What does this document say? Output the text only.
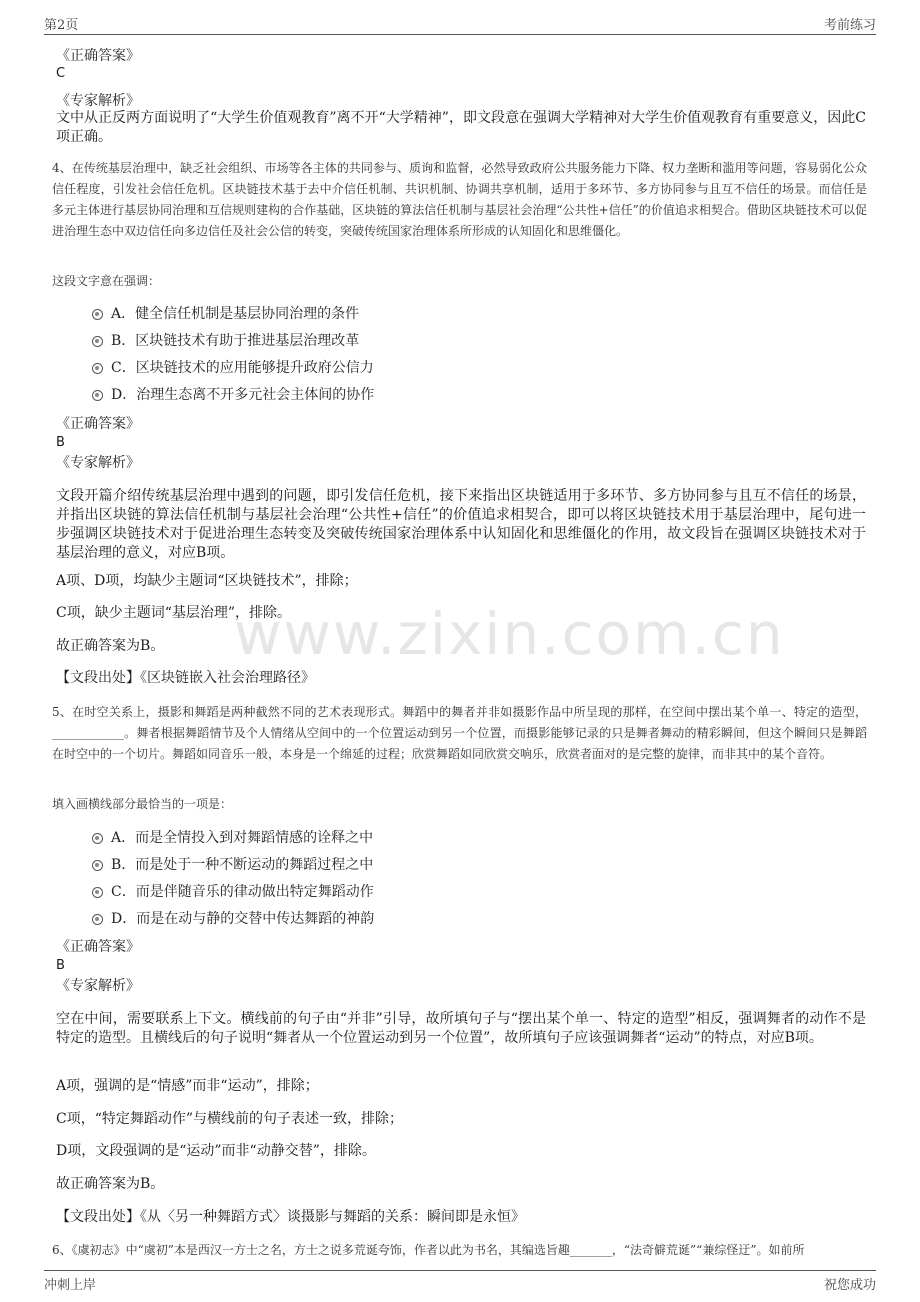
第2页	考前练习
www.zixin.com.cn
《正确答案》
C
《专家解析》
文中从正反两方面说明了“大学生价值观教育”离不开“大学精神”，即文段意在强调大学精神对大学生价值观教育有重要意义，因此C项正确。
4、在传统基层治理中，缺乏社会组织、市场等各主体的共同参与、质询和监督，必然导致政府公共服务能力下降、权力垄断和滥用等问题，容易弱化公众信任程度，引发社会信任危机。区块链技术基于去中介信任机制、共识机制、协调共享机制，适用于多环节、多方协同参与且互不信任的场景。而信任是多元主体进行基层协同治理和互信规则建构的合作基础，区块链的算法信任机制与基层社会治理“公共性+信任”的价值追求相契合。借助区块链技术可以促进治理生态中双边信任向多边信任及社会公信的转变，突破传统国家治理体系所形成的认知固化和思维僵化。
这段文字意在强调：
A．健全信任机制是基层协同治理的条件
B．区块链技术有助于推进基层治理改革
C．区块链技术的应用能够提升政府公信力
D．治理生态离不开多元社会主体间的协作
《正确答案》
B
《专家解析》
文段开篇介绍传统基层治理中遇到的问题，即引发信任危机，接下来指出区块链适用于多环节、多方协同参与且互不信任的场景，并指出区块链的算法信任机制与基层社会治理“公共性+信任”的价值追求相契合，即可以将区块链技术用于基层治理中，尾句进一步强调区块链技术对于促进治理生态转变及突破传统国家治理体系中认知固化和思维僵化的作用，故文段旨在强调区块链技术对于基层治理的意义，对应B项。
A项、D项，均缺少主题词“区块链技术”，排除；
C项，缺少主题词“基层治理”，排除。
故正确答案为B。
【文段出处】《区块链嵌入社会治理路径》
5、在时空关系上，摄影和舞蹈是两种截然不同的艺术表现形式。舞蹈中的舞者并非如摄影作品中所呈现的那样，在空间中摆出某个单一、特定的造型，____________。舞者根据舞蹈情节及个人情绪从空间中的一个位置运动到另一个位置，而摄影能够记录的只是舞者舞动的精彩瞬间，但这个瞬间只是舞蹈在时空中的一个切片。舞蹈如同音乐一般，本身是一个绵延的过程；欣赏舞蹈如同欣赏交响乐，欣赏者面对的是完整的旋律，而非其中的某个音符。
填入画横线部分最恰当的一项是：
A．而是全情投入到对舞蹈情感的诠释之中
B．而是处于一种不断运动的舞蹈过程之中
C．而是伴随音乐的律动做出特定舞蹈动作
D．而是在动与静的交替中传达舞蹈的神韵
《正确答案》
B
《专家解析》
空在中间，需要联系上下文。横线前的句子由“并非”引导，故所填句子与“摆出某个单一、特定的造型”相反，强调舞者的动作不是特定的造型。且横线后的句子说明“舞者从一个位置运动到另一个位置”，故所填句子应该强调舞者“运动”的特点，对应B项。
A项，强调的是“情感”而非“运动”，排除；
C项，“特定舞蹈动作”与横线前的句子表述一致，排除；
D项，文段强调的是“运动”而非“动静交替”，排除。
故正确答案为B。
【文段出处】《从〈另一种舞蹈方式〉谈摄影与舞蹈的关系：瞬间即是永恒》
6、《虞初志》中“虞初”本是西汉一方士之名，方士之说多荒诞夸饰，作者以此为书名，其编选旨趣_______，“法奇僻荒诞”“兼综怪迂”。如前所
冲刺上岸	祝您成功
